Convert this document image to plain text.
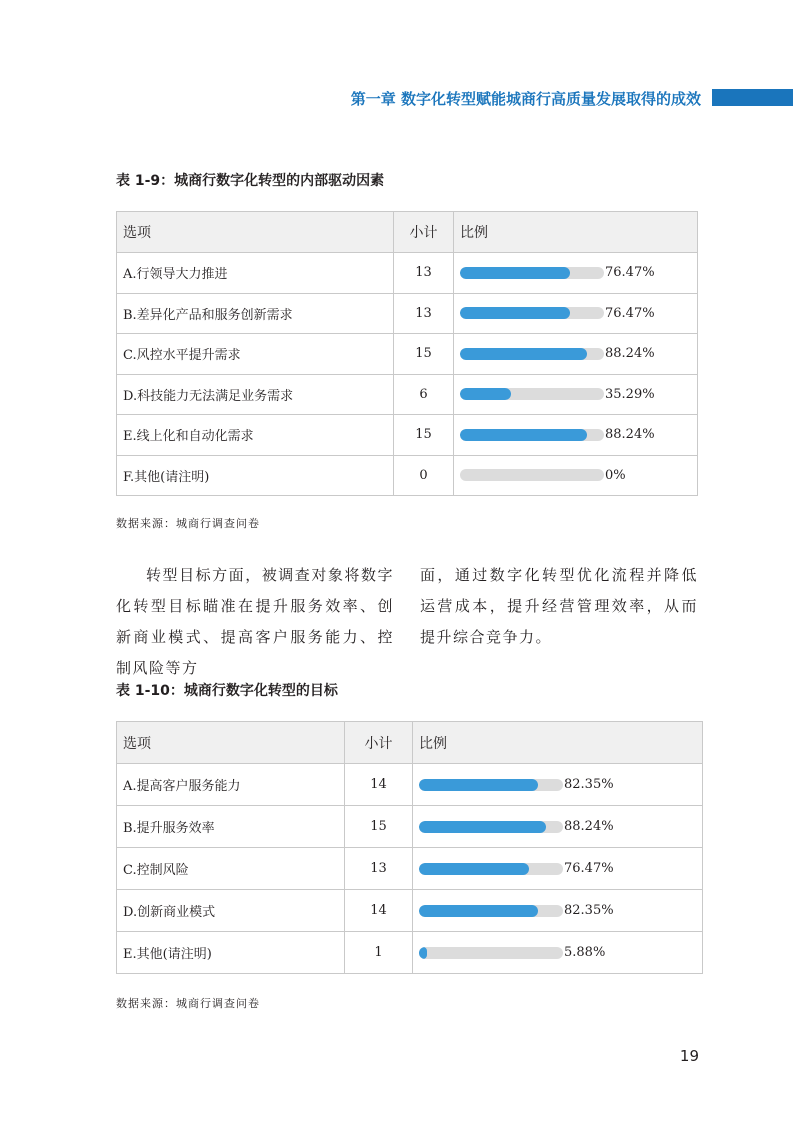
第一章 数字化转型赋能城商行高质量发展取得的成效
表 1-9：城商行数字化转型的内部驱动因素
选项	小计	比例
A.行领导大力推进	13	76.47%

B.差异化产品和服务创新需求	13	76.47%

C.风控水平提升需求	15	88.24%

D.科技能力无法满足业务需求	6	35.29%

E.线上化和自动化需求	15	88.24%

F.其他(请注明)	0	0%
数据来源：城商行调查问卷
转型目标方面，被调查对象将数字化转型目标瞄准在提升服务效率、创新商业模式、提高客户服务能力、控制风险等方
面，通过数字化转型优化流程并降低运营成本，提升经营管理效率，从而提升综合竞争力。
表 1-10：城商行数字化转型的目标
选项	小计	比例
A.提高客户服务能力	14	82.35%

B.提升服务效率	15	88.24%

C.控制风险	13	76.47%

D.创新商业模式	14	82.35%

E.其他(请注明)	1	5.88%
数据来源：城商行调查问卷
19
